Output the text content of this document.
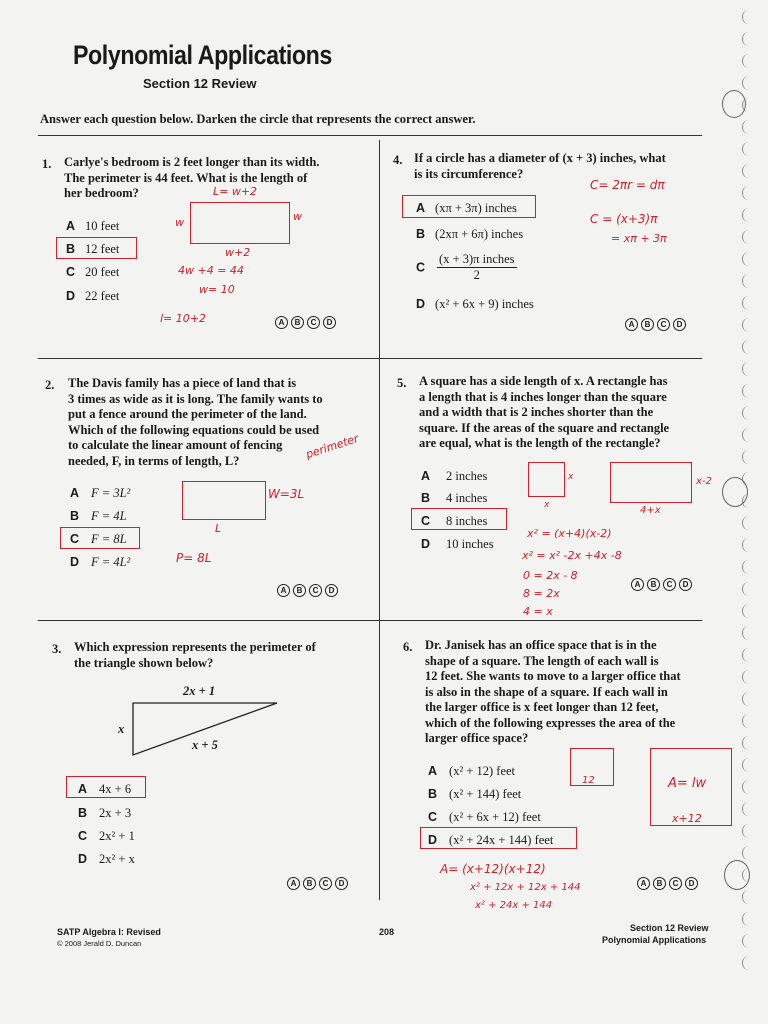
Polynomial Applications
Section 12 Review
Answer each question below. Darken the circle that represents the correct answer.
1. Carlye's bedroom is 2 feet longer than its width.
The perimeter is 44 feet. What is the length of
her bedroom?
A 10 feet
B 12 feet
C 20 feet
D 22 feet
L= w+2
w	w
w+2
4w +4 = 44
w= 10
l= 10+2	A	B	C	D
4. If a circle has a diameter of (x + 3) inches, what
is its circumference?
A (xπ + 3π) inches
B (2xπ + 6π) inches
C $\frac{\text{(x + 3)π inches}}{2}$
D (x² + 6x + 9) inches
C= 2πr = dπ
C = (x+3)π
= xπ + 3π
A	B	C	D
2. The Davis family has a piece of land that is
3 times as wide as it is long. The family wants to
put a fence around the perimeter of the land.
Which of the following equations could be used
to calculate the linear amount of fencing
needed, F, in terms of length, L?
A F = 3L²
B F = 4L
C F = 8L
D F = 4L²
perimeter
W=3L
L
P= 8L
A	B	C	D
5. A square has a side length of x. A rectangle has
a length that is 4 inches longer than the square
and a width that is 2 inches shorter than the
square. If the areas of the square and rectangle
are equal, what is the length of the rectangle?
A 2 inches
B 4 inches
C 8 inches
D 10 inches
x
x
x-2
4+x
x² = (x+4)(x-2)
x² = x² -2x +4x -8
0 = 2x - 8
8 = 2x
4 = x
A	B	C	D
3. Which expression represents the perimeter of
the triangle shown below?
2x + 1
x
x + 5
A 4x + 6
B 2x + 3
C 2x² + 1
D 2x² + x
A	B	C	D
6. Dr. Janisek has an office space that is in the
shape of a square. The length of each wall is
12 feet. She wants to move to a larger office that
is also in the shape of a square. If each wall in
the larger office is x feet longer than 12 feet,
which of the following expresses the area of the
larger office space?
A (x² + 12) feet
B (x² + 144) feet
C (x² + 6x + 12) feet
D (x² + 24x + 144) feet
12	A= lw
x+12
A= (x+12)(x+12)
x² + 12x + 12x + 144
x² + 24x + 144
A	B	C	D
SATP Algebra I: Revised
© 2008 Jerald D. Duncan
208	Section 12 Review
Polynomial Applications
